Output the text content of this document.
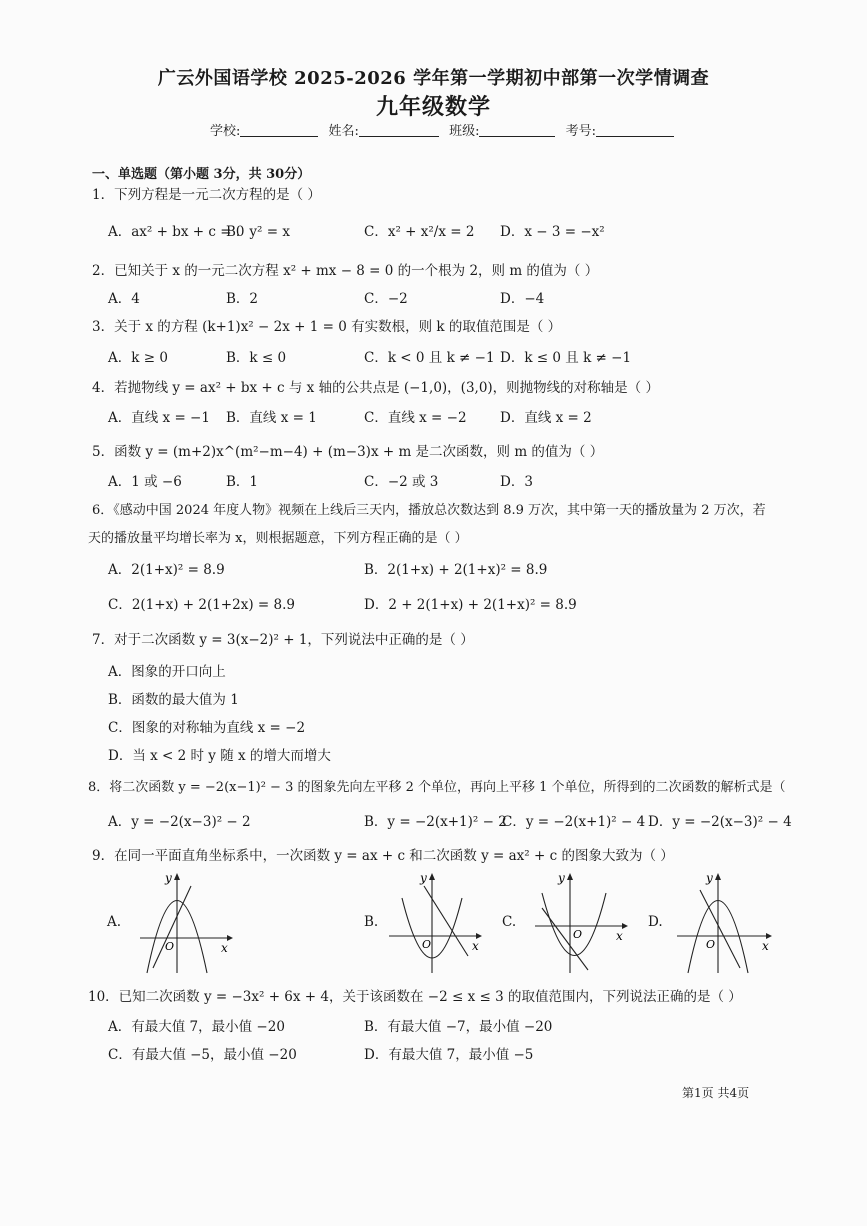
广云外国语学校 2025-2026 学年第一学期初中部第一次学情调查
九年级数学
学校:	姓名:	班级:	考号:
一、单选题（第小题 3分，共 30分）
1．下列方程是一元二次方程的是（ ）
A．ax² + bx + c = 0
B．y² = x	C．x² + x²/x = 2 D．x − 3 = −x²
2．已知关于 x 的一元二次方程 x² + mx − 8 = 0 的一个根为 2，则 m 的值为（ ）
A．4	B．2	C．−2	D．−4
3．关于 x 的方程 (k+1)x² − 2x + 1 = 0 有实数根，则 k 的取值范围是（ ）
A．k ≥ 0	B．k ≤ 0	C．k < 0 且 k ≠ −1 D．k ≤ 0 且 k ≠ −1
4．若抛物线 y = ax² + bx + c 与 x 轴的公共点是 (−1,0)，(3,0)，则抛物线的对称轴是（ ）
A．直线 x = −1 B．直线 x = 1	C．直线 x = −2 D．直线 x = 2
5．函数 y = (m+2)x^(m²−m−4) + (m−3)x + m 是二次函数，则 m 的值为（ ）
A．1 或 −6	B．1	C．−2 或 3	D．3
6．《感动中国 2024 年度人物》视频在上线后三天内，播放总次数达到 8.9 万次，其中第一天的播放量为 2 万次，若
天的播放量平均增长率为 x，则根据题意，下列方程正确的是（ ）
A．2(1+x)² = 8.9	B．2(1+x) + 2(1+x)² = 8.9
C．2(1+x) + 2(1+2x) = 8.9	D．2 + 2(1+x) + 2(1+x)² = 8.9
7．对于二次函数 y = 3(x−2)² + 1，下列说法中正确的是（ ）
A．图象的开口向上
B．函数的最大值为 1
C．图象的对称轴为直线 x = −2
D．当 x < 2 时 y 随 x 的增大而增大
8．将二次函数 y = −2(x−1)² − 3 的图象先向左平移 2 个单位，再向上平移 1 个单位，所得到的二次函数的解析式是（
A．y = −2(x−3)² − 2	B．y = −2(x+1)² − 2
C．y = −2(x+1)² − 4 D．y = −2(x−3)² − 4
9．在同一平面直角坐标系中，一次函数 y = ax + c 和二次函数 y = ax² + c 的图象大致为（ ）
A.
x
y
O
B.
x
y
O
C.
x
y
O
D.
x
y
O
10．已知二次函数 y = −3x² + 6x + 4，关于该函数在 −2 ≤ x ≤ 3 的取值范围内，下列说法正确的是（ ）
A．有最大值 7，最小值 −20	B．有最大值 −7，最小值 −20
C．有最大值 −5，最小值 −20	D．有最大值 7，最小值 −5
第1页 共4页
